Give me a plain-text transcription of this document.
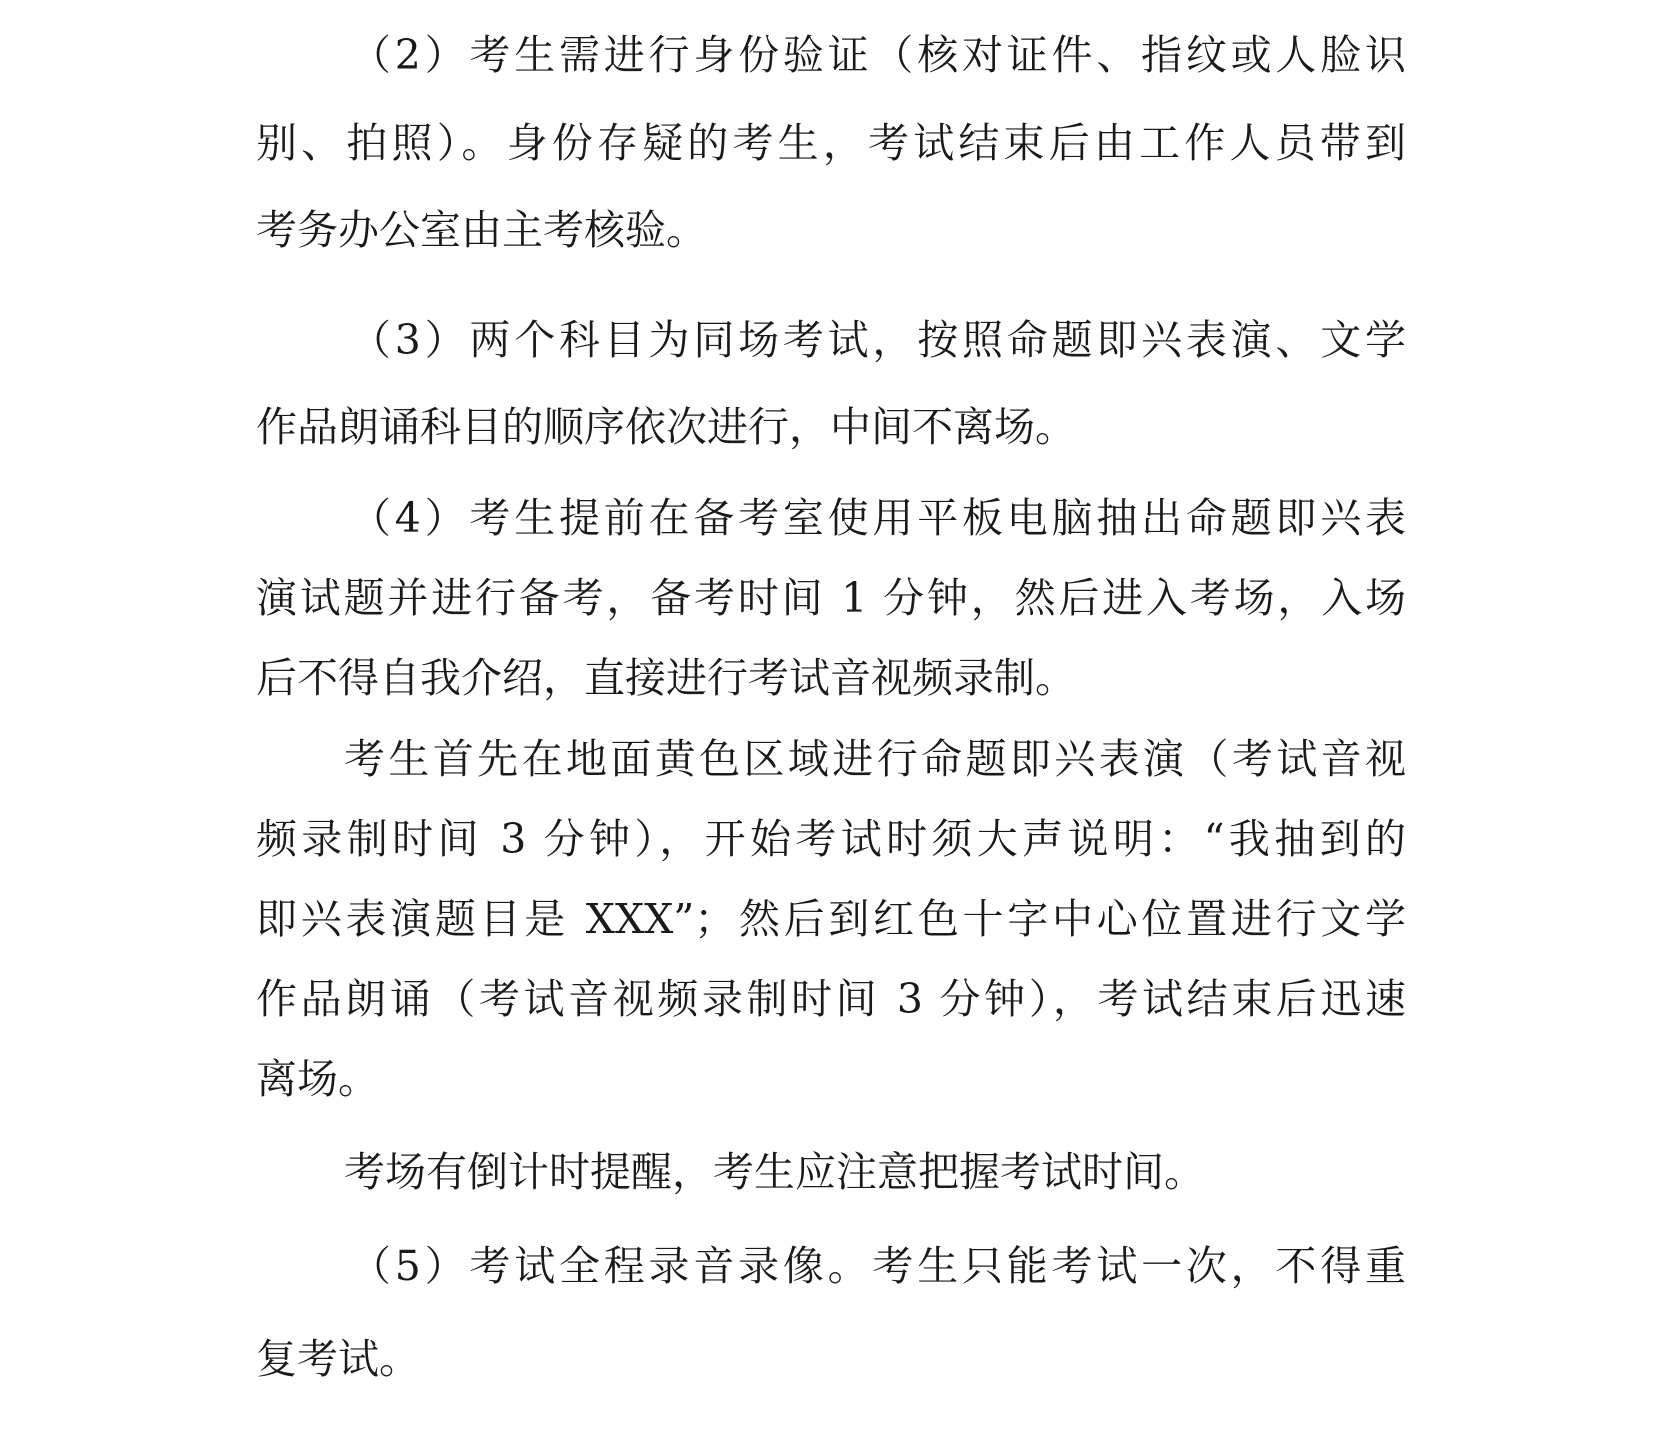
（2）考生需进行身份验证（核对证件、指纹或人脸识
别、拍照）。身份存疑的考生，考试结束后由工作人员带到
考务办公室由主考核验。
（3）两个科目为同场考试，按照命题即兴表演、文学
作品朗诵科目的顺序依次进行，中间不离场。
（4）考生提前在备考室使用平板电脑抽出命题即兴表
演试题并进行备考，备考时间 1 分钟，然后进入考场，入场
后不得自我介绍，直接进行考试音视频录制。
考生首先在地面黄色区域进行命题即兴表演（考试音视
频录制时间 3 分钟），开始考试时须大声说明：“我抽到的
即兴表演题目是 XXX”；然后到红色十字中心位置进行文学
作品朗诵（考试音视频录制时间 3 分钟），考试结束后迅速
离场。
考场有倒计时提醒，考生应注意把握考试时间。
（5）考试全程录音录像。考生只能考试一次，不得重
复考试。
